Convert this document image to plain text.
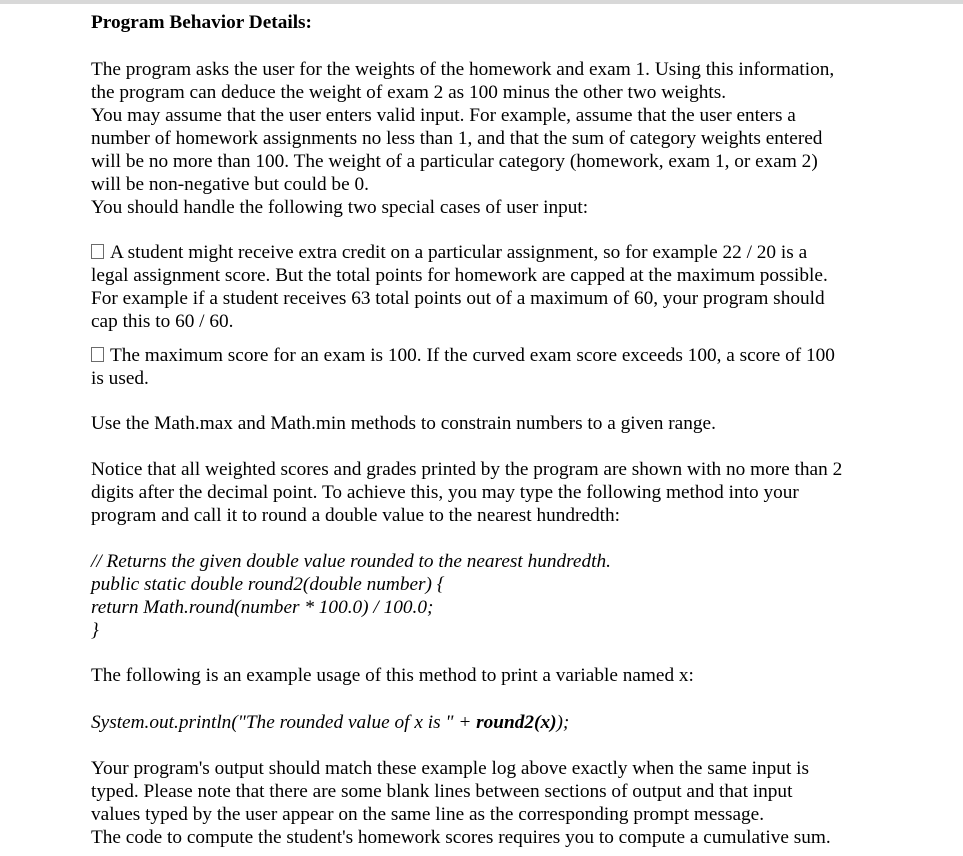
Program Behavior Details:
The program asks the user for the weights of the homework and exam 1. Using this information,
the program can deduce the weight of exam 2 as 100 minus the other two weights.
You may assume that the user enters valid input. For example, assume that the user enters a
number of homework assignments no less than 1, and that the sum of category weights entered
will be no more than 100. The weight of a particular category (homework, exam 1, or exam 2)
will be non-negative but could be 0.
You should handle the following two special cases of user input:
A student might receive extra credit on a particular assignment, so for example 22 / 20 is a
legal assignment score. But the total points for homework are capped at the maximum possible.
For example if a student receives 63 total points out of a maximum of 60, your program should
cap this to 60 / 60.
The maximum score for an exam is 100. If the curved exam score exceeds 100, a score of 100
is used.
Use the Math.max and Math.min methods to constrain numbers to a given range.
Notice that all weighted scores and grades printed by the program are shown with no more than 2
digits after the decimal point. To achieve this, you may type the following method into your
program and call it to round a double value to the nearest hundredth:
// Returns the given double value rounded to the nearest hundredth.
public static double round2(double number) {
return Math.round(number * 100.0) / 100.0;
}
The following is an example usage of this method to print a variable named x:
System.out.println("The rounded value of x is " + round2(x));
Your program's output should match these example log above exactly when the same input is
typed. Please note that there are some blank lines between sections of output and that input
values typed by the user appear on the same line as the corresponding prompt message.
The code to compute the student's homework scores requires you to compute a cumulative sum.
